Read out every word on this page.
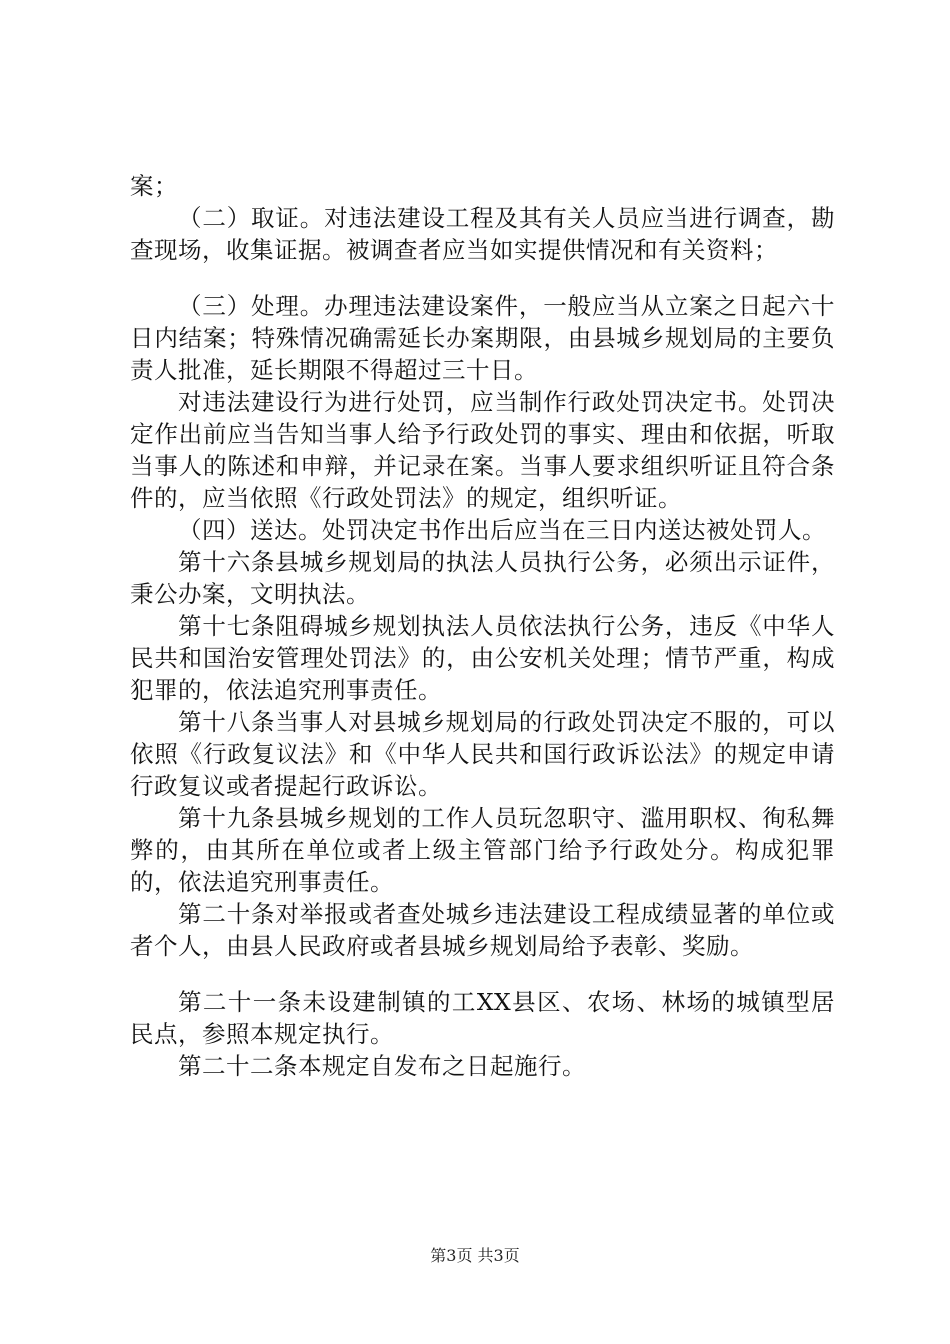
案；

（二）取证。对违法建设工程及其有关人员应当进行调查，勘查现场，收集证据。被调查者应当如实提供情况和有关资料；

（三）处理。办理违法建设案件，一般应当从立案之日起六十日内结案；特殊情况确需延长办案期限，由县城乡规划局的主要负责人批准，延长期限不得超过三十日。

对违法建设行为进行处罚，应当制作行政处罚决定书。处罚决定作出前应当告知当事人给予行政处罚的事实、理由和依据，听取当事人的陈述和申辩，并记录在案。当事人要求组织听证且符合条件的，应当依照《行政处罚法》的规定，组织听证。

（四）送达。处罚决定书作出后应当在三日内送达被处罚人。

第十六条县城乡规划局的执法人员执行公务，必须出示证件，秉公办案，文明执法。

第十七条阻碍城乡规划执法人员依法执行公务，违反《中华人民共和国治安管理处罚法》的，由公安机关处理；情节严重，构成犯罪的，依法追究刑事责任。

第十八条当事人对县城乡规划局的行政处罚决定不服的，可以依照《行政复议法》和《中华人民共和国行政诉讼法》的规定申请行政复议或者提起行政诉讼。

第十九条县城乡规划的工作人员玩忽职守、滥用职权、徇私舞弊的，由其所在单位或者上级主管部门给予行政处分。构成犯罪的，依法追究刑事责任。

第二十条对举报或者查处城乡违法建设工程成绩显著的单位或者个人，由县人民政府或者县城乡规划局给予表彰、奖励。

第二十一条未设建制镇的工XX县区、农场、林场的城镇型居民点，参照本规定执行。

第二十二条本规定自发布之日起施行。

第3页 共3页
